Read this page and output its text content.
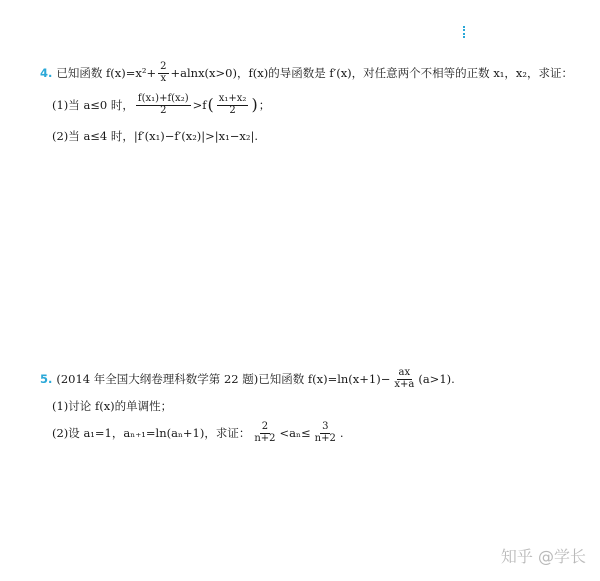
4. 已知函数 $f(x)=x^2+ \frac{2}{x} +alnx(x>0)$，f(x)的导函数是 f′(x)，对任意两个不相等的正数 x₁，x₂，求证：
(1)当 a≤0 时， $\frac{\text{f(x₁)+f(x₂)}}{2} >f$ ( $\frac{\text{x₁+x₂}}{2}$ ) ；
(2)当 a≤4 时，|f′(x₁)−f′(x₂)|>|x₁−x₂|.
5. (2014 年全国大纲卷理科数学第 22 题)已知函数 $f(x)=\ln(x+1)- \frac{ax}{x+a} (a>1)$.
(1)讨论 f(x)的单调性；
(2)设 a₁=1，aₙ₊₁=ln(aₙ+1)，求证： $\frac{2}{n+2} <a_n\le \frac{3}{n+2}$ .
知乎 @学长
